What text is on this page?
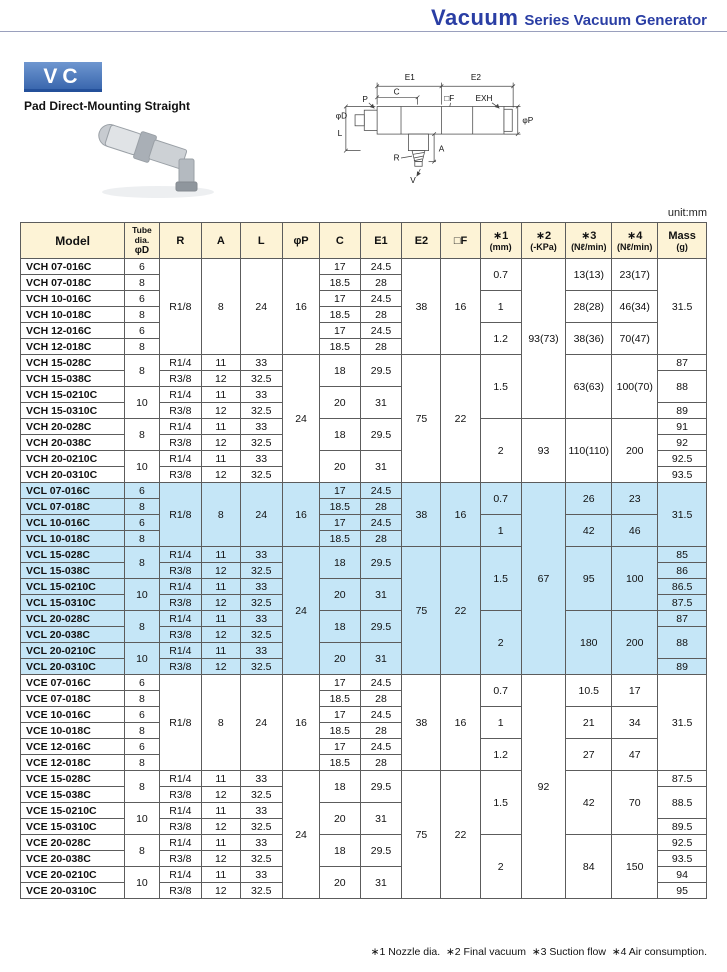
Vacuum Series Vacuum Generator
VC
Pad Direct-Mounting Straight
E1	E2
C
P	□F EXH
φD
φP
L
A
R
V
unit:mm
Model

Tube dia.
φD

R	A	L	φP	C	E1	E2	□F	∗1
(mm)

∗2
(-KPa)

∗3
(Nℓ/min)

∗4
(Nℓ/min)

Mass
(g)

VCH 07-016C	6	R1/8	8	24	16	17	24.5	38	16	0.7	93(73)	13(13)	23(17)	31.5
VCH 07-018C	8					18.5	28							
VCH 10-016C	6					17	24.5			1		28(28)	46(34)	
VCH 10-018C	8					18.5	28							
VCH 12-016C	6					17	24.5			1.2		38(36)	70(47)	
VCH 12-018C	8					18.5	28							
VCH 15-028C	8	R1/4	11	33	24	18	29.5	75	22	1.5		63(63)	100(70)	87
VCH 15-038C		R3/8	12	32.5										88
VCH 15-0210C	10	R1/4	11	33		20	31							
VCH 15-0310C		R3/8	12	32.5										89
VCH 20-028C	8	R1/4	11	33		18	29.5			2	93	110(110)	200	91
VCH 20-038C		R3/8	12	32.5										92
VCH 20-0210C	10	R1/4	11	33		20	31							92.5
VCH 20-0310C		R3/8	12	32.5										93.5
VCL 07-016C	6	R1/8	8	24	16	17	24.5	38	16	0.7	67	26	23	31.5
VCL 07-018C	8					18.5	28							
VCL 10-016C	6					17	24.5			1		42	46	
VCL 10-018C	8					18.5	28							
VCL 15-028C	8	R1/4	11	33	24	18	29.5	75	22	1.5		95	100	85
VCL 15-038C		R3/8	12	32.5										86
VCL 15-0210C	10	R1/4	11	33		20	31							86.5
VCL 15-0310C		R3/8	12	32.5										87.5
VCL 20-028C	8	R1/4	11	33		18	29.5			2		180	200	87
VCL 20-038C		R3/8	12	32.5										88
VCL 20-0210C	10	R1/4	11	33		20	31							
VCL 20-0310C		R3/8	12	32.5										89
VCE 07-016C	6	R1/8	8	24	16	17	24.5	38	16	0.7	92	10.5	17	31.5
VCE 07-018C	8					18.5	28							
VCE 10-016C	6					17	24.5			1		21	34	
VCE 10-018C	8					18.5	28							
VCE 12-016C	6					17	24.5			1.2		27	47	
VCE 12-018C	8					18.5	28							
VCE 15-028C	8	R1/4	11	33	24	18	29.5	75	22	1.5		42	70	87.5
VCE 15-038C		R3/8	12	32.5										88.5
VCE 15-0210C	10	R1/4	11	33		20	31							
VCE 15-0310C		R3/8	12	32.5										89.5
VCE 20-028C	8	R1/4	11	33		18	29.5			2		84	150	92.5
VCE 20-038C		R3/8	12	32.5										93.5
VCE 20-0210C	10	R1/4	11	33		20	31							94
VCE 20-0310C		R3/8	12	32.5										95
∗1 Nozzle dia.  ∗2 Final vacuum  ∗3 Suction flow  ∗4 Air consumption.
